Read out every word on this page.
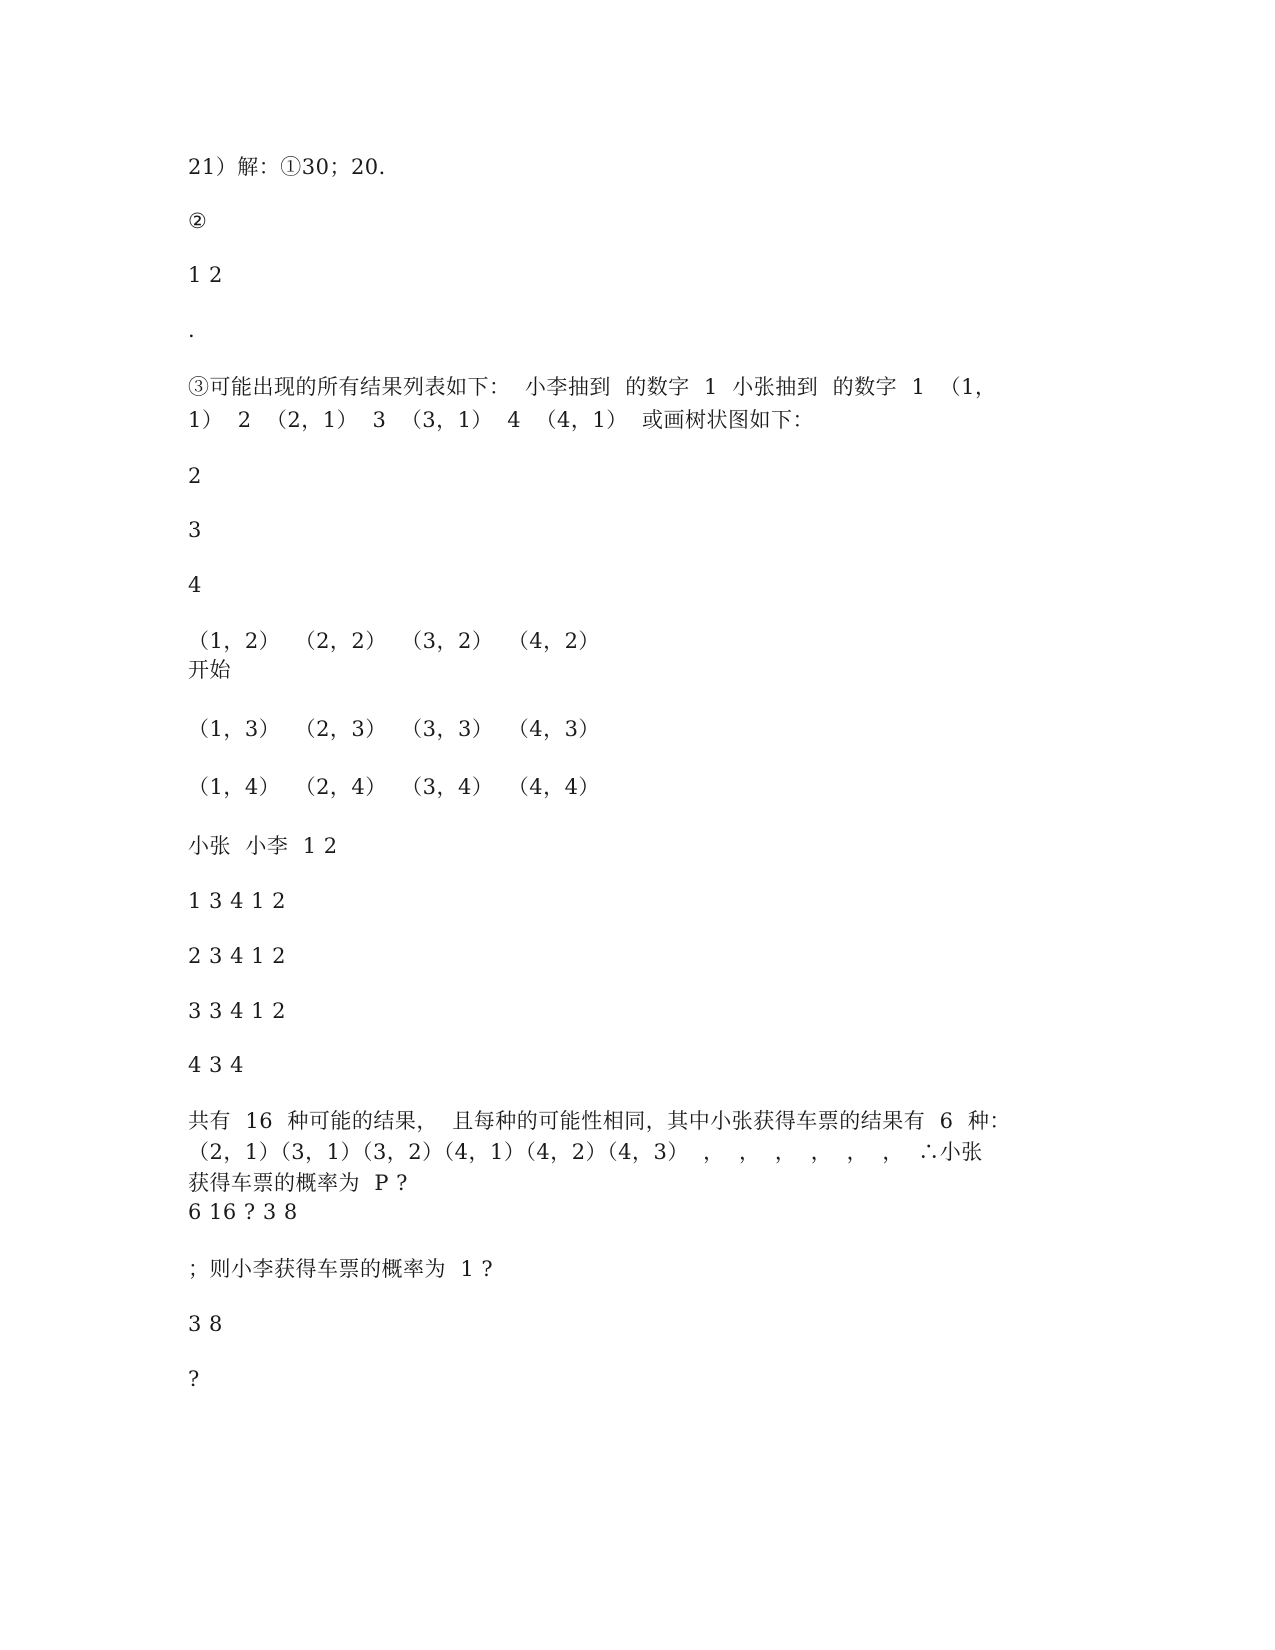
21）解：①30；20．
②
1 2
.
③可能出现的所有结果列表如下：  小李抽到  的数字  1  小张抽到  的数字  1  （1，
1）  2  （2，1）  3  （3，1）  4  （4，1）  或画树状图如下：
2
3
4
（1，2）  （2，2）  （3，2）  （4，2）
开始
（1，3）  （2，3）  （3，3）  （4，3）
（1，4）  （2，4）  （3，4）  （4，4）
小张  小李  1 2
1 3 4 1 2
2 3 4 1 2
3 3 4 1 2
4 3 4
共有  16  种可能的结果，  且每种的可能性相同，其中小张获得车票的结果有  6  种：
（2，1）（3，1）（3，2）（4，1）（4，2）（4，3）  ，  ，  ，  ，  ，  ，  ∴小张
获得车票的概率为  P ?
6 16 ? 3 8
；则小李获得车票的概率为  1 ?
3 8
?
